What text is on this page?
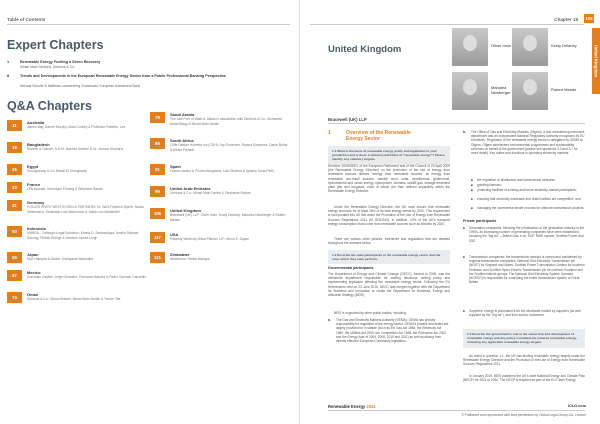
Table of Contents
Expert Chapters
1	Renewable Energy Fuelling a Green Recovery
Mhairi Main Dentons, Dentons & Co.
8	Trends and Developments in the European Renewable Energy Sector from a Public Professional Banking Perspective
Nelvaal Schulte & Matthias Loewenberg Grunewald, European Investment Bank
Q&A Chapters
11
Australia
James Bay, Darren Murphy, Allan Cowley & Professor Roberts, Lee
19
Bangladesh
Razeek & Daurah, A.G.M. Nazmul Ibrahim & Dr. Jessica Shahana
26
Egypt
Shoughaway & Co: Bassil El Shoughway
33
France
LPA Avocats: Véronique Fröding & Stéphane Bastia
41
Germany
POLLER SPATH WESTHOVEN & PARTNERS: Dr. Wolf-Friedrich Spieth, Niclas Hellermann, Sebastian Lutz-Bachmann & Jakob von Manteuffel
50
Indonesia
UMBRA – Strategic Legal Solutions: Kirana D. Sastrawijaya, Amelia Rahmat Sanong, Rizkah Eldrige & Jamison James Leigh
58
Japan
Mori Hamada & Anderl: Kobayashi Watanabe
67
Mexico
Gonzalez Calvillo: Jorge Gonzalez, Fernando Barrera & Pedro Gonzalo Camarillo
74
Oman
Dentons & Co.: Simon Brewer, Mhairi Main Dentie & Trevor Oler
79
Saudi Arabia
The Law Firm of Wael A. Alissa in association with Dentons & Co.: Mohamed Abdel Balqy & Mhairi Main Dentie
85
South Africa
Cliffe Dekker Hofmeyr Inc (CDH): Jay Govender, Rosina Simpsons, Danie Botha & Alecia Pienaar
91
Spain
Gomez-Acebo & Pombo Abogados: Luis Oliveros & Ignacio Soria-Perill
99
United Arab Emirates
Dentons & Co.: Mhairi Main Dentie & Stephanie Raines
106
United Kingdom
Bracewell (UK) LLP: Oliver Irwin, Kirsty Delaney, Mahalea Newberger & Robert Meade
117
USA
Pillsbury Winthrop Shaw Pittman LLP: Mona E. Dajani
121
Zimbabwe
Wintertons: Sebila Madaya
Chapter 16	106
United Kingdom
United Kingdom	Oliver Irwin	Kirsty Delaney
Mahalea Newberger
Robert Meade
Bracewell (UK) LLP
1	Overview of the Renewable Energy Sector
1.1 What is the basis of renewable energy policy and legislation in your jurisdiction and is there a statutory definition of "renewable energy"? Please identify any statutory targets.
Directive 2009/28/EC of the European Parliament and of the Council of 23 April 2009 (the Renewable Energy Directive) on the promotion of the use of energy from renewable sources defines "energy from renewable sources" as energy from renewable non-fossil sources, namely wind, solar, aerothermal, geothermal, hydrothermal and ocean energy, hydropower, biomass, landfill gas, sewage treatment plant gas and biogases, each of which are then defined separately within the Renewable Energy Directive.
Under the Renewable Energy Directive, the UK must ensure that renewable energy accounts for at least 15% of its total energy needs by 2020. This requirement is incorporated into UK law under the Promotion of the Use of Energy from Renewable Sources Regulations 2011 (SI 2011/243). In addition, 10% of the UK's transport energy consumption must come from renewable sources such as biofuels by 2020.
There are various other policies, incentives and regulations that are detailed throughout the answers below.
1.2 Describe the main participants in the renewable energy sector and the roles which they each perform.
Governmental participants
The Department of Energy and Climate Change (DECC), formed in 2008, was the ministerial department responsible for making decisions, setting policy and implementing legislation affecting the renewable energy sector. Following the EU Referendum held on 23 June 2016, DECC was merged together with the Department for Business and Innovation to create the Department for Business, Energy and Industrial Strategy (BEIS).
BEIS is supported by other public bodies, including:
a. The Gas and Electricity Markets Authority (GEMA): GEMA has primary responsibility for regulation of the energy sector. GEMA's powers and duties are largely provided for in statute (such as the Gas Act 1986, the Electricity Act 1989, the Utilities Act 2000, the Competition Act 1998, the Enterprise Act 2002 and the Energy Acts of 2004, 2008, 2010 and 2011) as well as arising from directly effective European Community legislation.
b. The Office of Gas and Electricity Markets (Ofgem): a non-ministerial government department and an independent National Regulatory Authority recognised by EU Directives. Regulation of the renewable energy sector is delegated by GEMA to Ofgem. Ofgem administers environmental programmes and sustainability schemes on behalf of the government (please see questions 3.3 and 3.7 for more detail). Key duties and functions in operating electricity markets:
■ the regulation of distribution and transmission networks;
■ granting licences;
■ protecting facilities of existing and future electricity market participants;
■ ensuring that electricity wholesale and retail markets are competitive; and
■ managing the incremental tender process for offshore transmission projects.
Private participants
■ Generation companies: following the privatisation of the generation industry in the 1990s, an increasing number of generating companies have been established, including the "big six" – British Gas, e.on, EDF, RWE npower, Scottish Power and SSE.
■ Transmission companies: the transmission network is owned and maintained by regional transmission companies: National Grid Electricity Transmission plc (NGET) for England and Wales, Scottish Power Transmission Limited for southern Scotland, and Scottish Hydro Electric Transmission plc for northern Scotland and the Scottish islands groups. The National Grid Electricity System Operator (NGESO) is responsible for controlling the entire transmission system of Great Britain.
■ Suppliers: energy is purchased from the wholesale market by suppliers (as well supplied by the "big six"), and then sold to customers.
1.3 Describe the government's role in the ownership and development of renewable energy and any policy commitments towards renewable energy, including any applicable renewable energy targets.
As noted in question 1.1, the UK has binding renewable energy targets under the Renewable Energy Directive and the Promotion of the Use of Energy from Renewable Sources Regulations 2011.
In January 2019, BEIS published the UK's draft National Energy and Climate Plan (NECP) for 2021 to 2030. The NECP is required as part of the EU Clean Energy
Renewable Energy 2021	ICLG.com
© Published and reproduced with kind permission by Global Legal Group Ltd, London
